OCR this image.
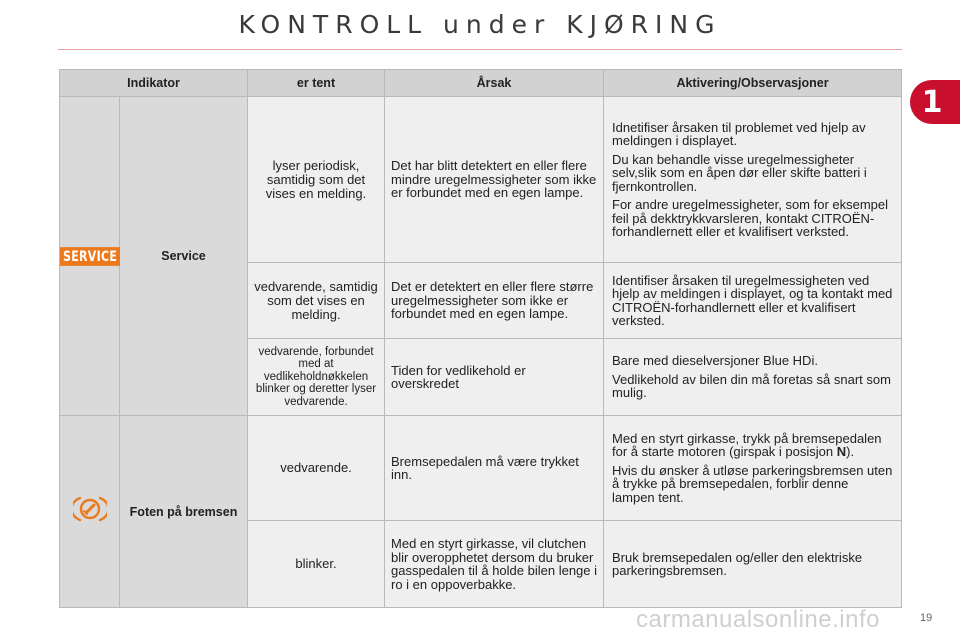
KONTROLL under KJØRING
1
Indikator		er tent	Årsak	Aktivering/Observasjoner
SERVICE	Service	lyser periodisk, samtidig som det vises en melding.	Det har blitt detektert en eller flere mindre uregelmessigheter som ikke er forbundet med en egen lampe.	Idnetifiser årsaken til problemet ved hjelp av meldingen i displayet.

Du kan behandle visse uregelmessigheter selv,slik som en åpen dør eller skifte batteri i fjernkontrollen.

For andre uregelmessigheter, som for eksempel feil på dekktrykkvarsleren, kontakt CITROËN-forhandlernett eller et kvalifisert verksted.

		vedvarende, samtidig som det vises en melding.	Det er detektert en eller flere større uregelmessigheter som ikke er forbundet med en egen lampe.	Identifiser årsaken til uregelmessigheten ved hjelp av meldingen i displayet, og ta kontakt med CITROËN-forhandlernett eller et kvalifisert verksted.

		vedvarende, forbundet med at vedlikeholdnøkkelen blinker og deretter lyser vedvarende.	Tiden for vedlikehold er overskredet	Bare med dieselversjoner Blue HDi.

Vedlikehold av bilen din må foretas så snart som mulig.

	Foten på bremsen	vedvarende.	Bremsepedalen må være trykket inn.	Med en styrt girkasse, trykk på bremsepedalen for å starte motoren (girspak i posisjon N).

Hvis du ønsker å utløse parkeringsbremsen uten å trykke på bremsepedalen, forblir denne lampen tent.

		blinker.	Med en styrt girkasse, vil clutchen blir overopphetet dersom du bruker gasspedalen til å holde bilen lenge i ro i en oppoverbakke.	Bruk bremsepedalen og/eller den elektriske parkeringsbremsen.

carmanualsonline.info	19
